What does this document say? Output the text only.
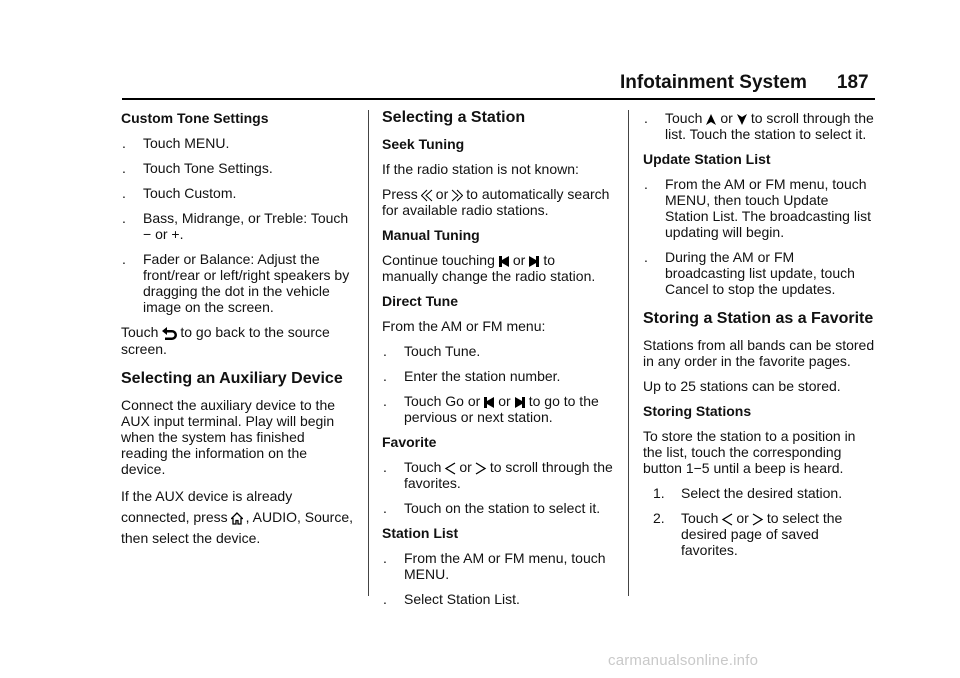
Infotainment System 187
Custom Tone Settings
. Touch MENU.
. Touch Tone Settings.
. Touch Custom.
. Bass, Midrange, or Treble: Touch − or +.
. Fader or Balance: Adjust the front/rear or left/right speakers by dragging the dot in the vehicle image on the screen.

Touch to go back to the source screen.

Selecting an Auxiliary Device

Connect the auxiliary device to the AUX input terminal. Play will begin when the system has finished reading the information on the device.

If the AUX device is already connected, press , AUDIO, Source, then select the device.

Selecting a Station
Seek Tuning

If the radio station is not known:

Press or to automatically search for available radio stations.

Manual Tuning

Continue touching or to manually change the radio station.

Direct Tune

From the AM or FM menu:

. Touch Tune.
. Enter the station number.
. Touch Go or or to go to the pervious or next station.
Favorite
. Touch or to scroll through the favorites.
. Touch on the station to select it.
Station List
. From the AM or FM menu, touch MENU.
. Select Station List.
. Touch or to scroll through the list. Touch the station to select it.
Update Station List
. From the AM or FM menu, touch MENU, then touch Update Station List. The broadcasting list updating will begin.
. During the AM or FM broadcasting list update, touch Cancel to stop the updates.
Storing a Station as a Favorite

Stations from all bands can be stored in any order in the favorite pages.

Up to 25 stations can be stored.

Storing Stations

To store the station to a position in the list, touch the corresponding button 1−5 until a beep is heard.

1. Select the desired station.
2. Touch or to select the desired page of saved favorites.
carmanualsonline.info
